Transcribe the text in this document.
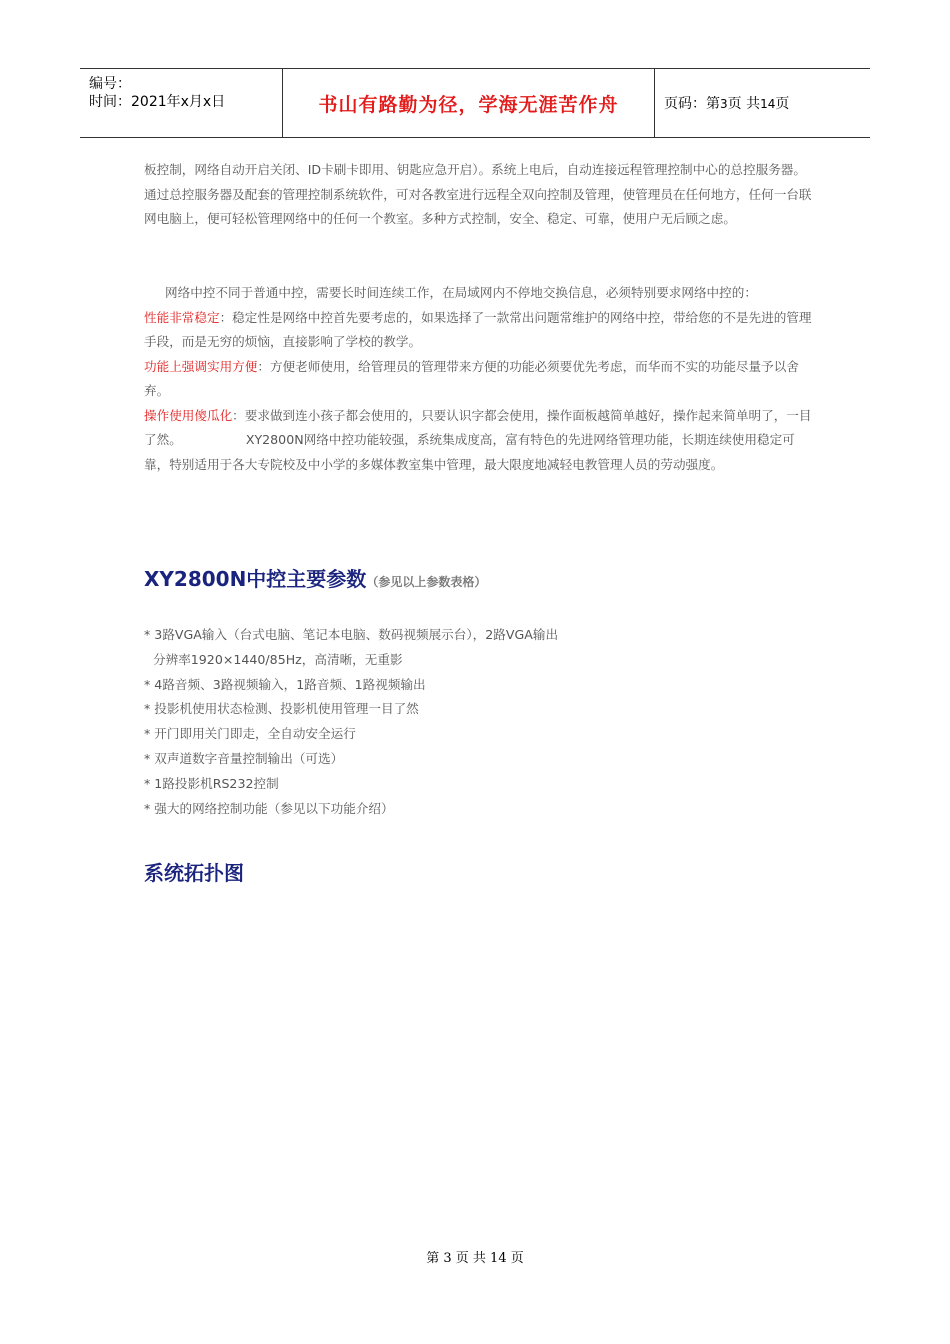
编号：
时间：2021年x月x日	书山有路勤为径，学海无涯苦作舟	页码：第3页 共14页

板控制，网络自动开启关闭、ID卡刷卡即用、钥匙应急开启）。系统上电后，自动连接远程管理控制中心的总控服务器。通过总控服务器及配套的管理控制系统软件，可对各教室进行远程全双向控制及管理，使管理员在任何地方，任何一台联网电脑上，便可轻松管理网络中的任何一个教室。多种方式控制，安全、稳定、可靠，使用户无后顾之虑。

网络中控不同于普通中控，需要长时间连续工作，在局域网内不停地交换信息，必须特别要求网络中控的：

性能非常稳定：稳定性是网络中控首先要考虑的，如果选择了一款常出问题常维护的网络中控，带给您的不是先进的管理手段，而是无穷的烦恼，直接影响了学校的教学。

功能上强调实用方便：方便老师使用，给管理员的管理带来方便的功能必须要优先考虑，而华而不实的功能尽量予以舍弃。

操作使用傻瓜化：要求做到连小孩子都会使用的，只要认识字都会使用，操作面板越简单越好，操作起来简单明了，一目了然。                XY2800N网络中控功能较强，系统集成度高，富有特色的先进网络管理功能，长期连续使用稳定可靠，特别适用于各大专院校及中小学的多媒体教室集中管理，最大限度地减轻电教管理人员的劳动强度。

XY2800N中控主要参数（参见以上参数表格）
* 3路VGA输入（台式电脑、笔记本电脑、数码视频展示台），2路VGA输出
分辨率1920×1440/85Hz，高清晰，无重影
* 4路音频、3路视频输入，1路音频、1路视频输出
* 投影机使用状态检测、投影机使用管理一目了然
* 开门即用关门即走，全自动安全运行
* 双声道数字音量控制输出（可选）
* 1路投影机RS232控制
* 强大的网络控制功能（参见以下功能介绍）
系统拓扑图
第 3 页 共 14 页
